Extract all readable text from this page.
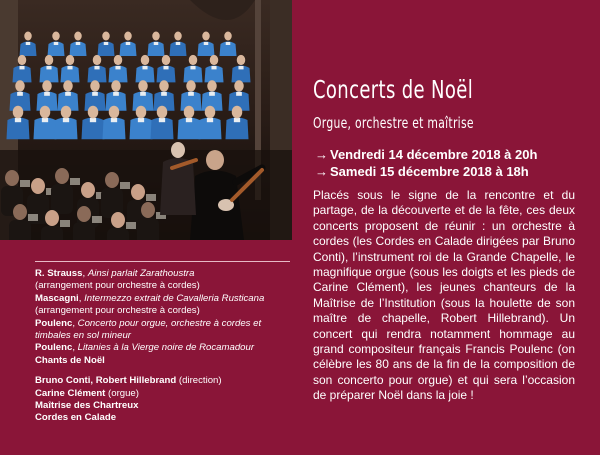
R. Strauss, Ainsi parlait Zarathoustra
(arrangement pour orchestre à cordes)

Mascagni, Intermezzo extrait de Cavalleria Rusticana (arrangement pour orchestre à cordes)

Poulenc, Concerto pour orgue, orchestre à cordes et timbales en sol mineur

Poulenc, Litanies à la Vierge noire de Rocamadour

Chants de Noël

Bruno Conti, Robert Hillebrand (direction)

Carine Clément (orgue)

Maîtrise des Chartreux

Cordes en Calade

Concerts de Noël
Orgue, orchestre et maîtrise
→ Vendredi 14 décembre 2018 à 20h
→ Samedi 15 décembre 2018 à 18h
Placés sous le signe de la rencontre et du partage, de la découverte et de la fête, ces deux concerts proposent de réunir : un orchestre à cordes (les Cordes en Calade dirigées par Bruno Conti), l’instrument roi de la Grande Chapelle, le magnifique orgue (sous les doigts et les pieds de Carine Clément), les jeunes chanteurs de la Maîtrise de l’Institution (sous la houlette de son maître de chapelle, Robert Hillebrand). Un concert qui rendra notamment hommage au grand compositeur français Francis Poulenc (on célèbre les 80 ans de la fin de la composition de son concerto pour orgue) et qui sera l’occasion de préparer Noël dans la joie !
